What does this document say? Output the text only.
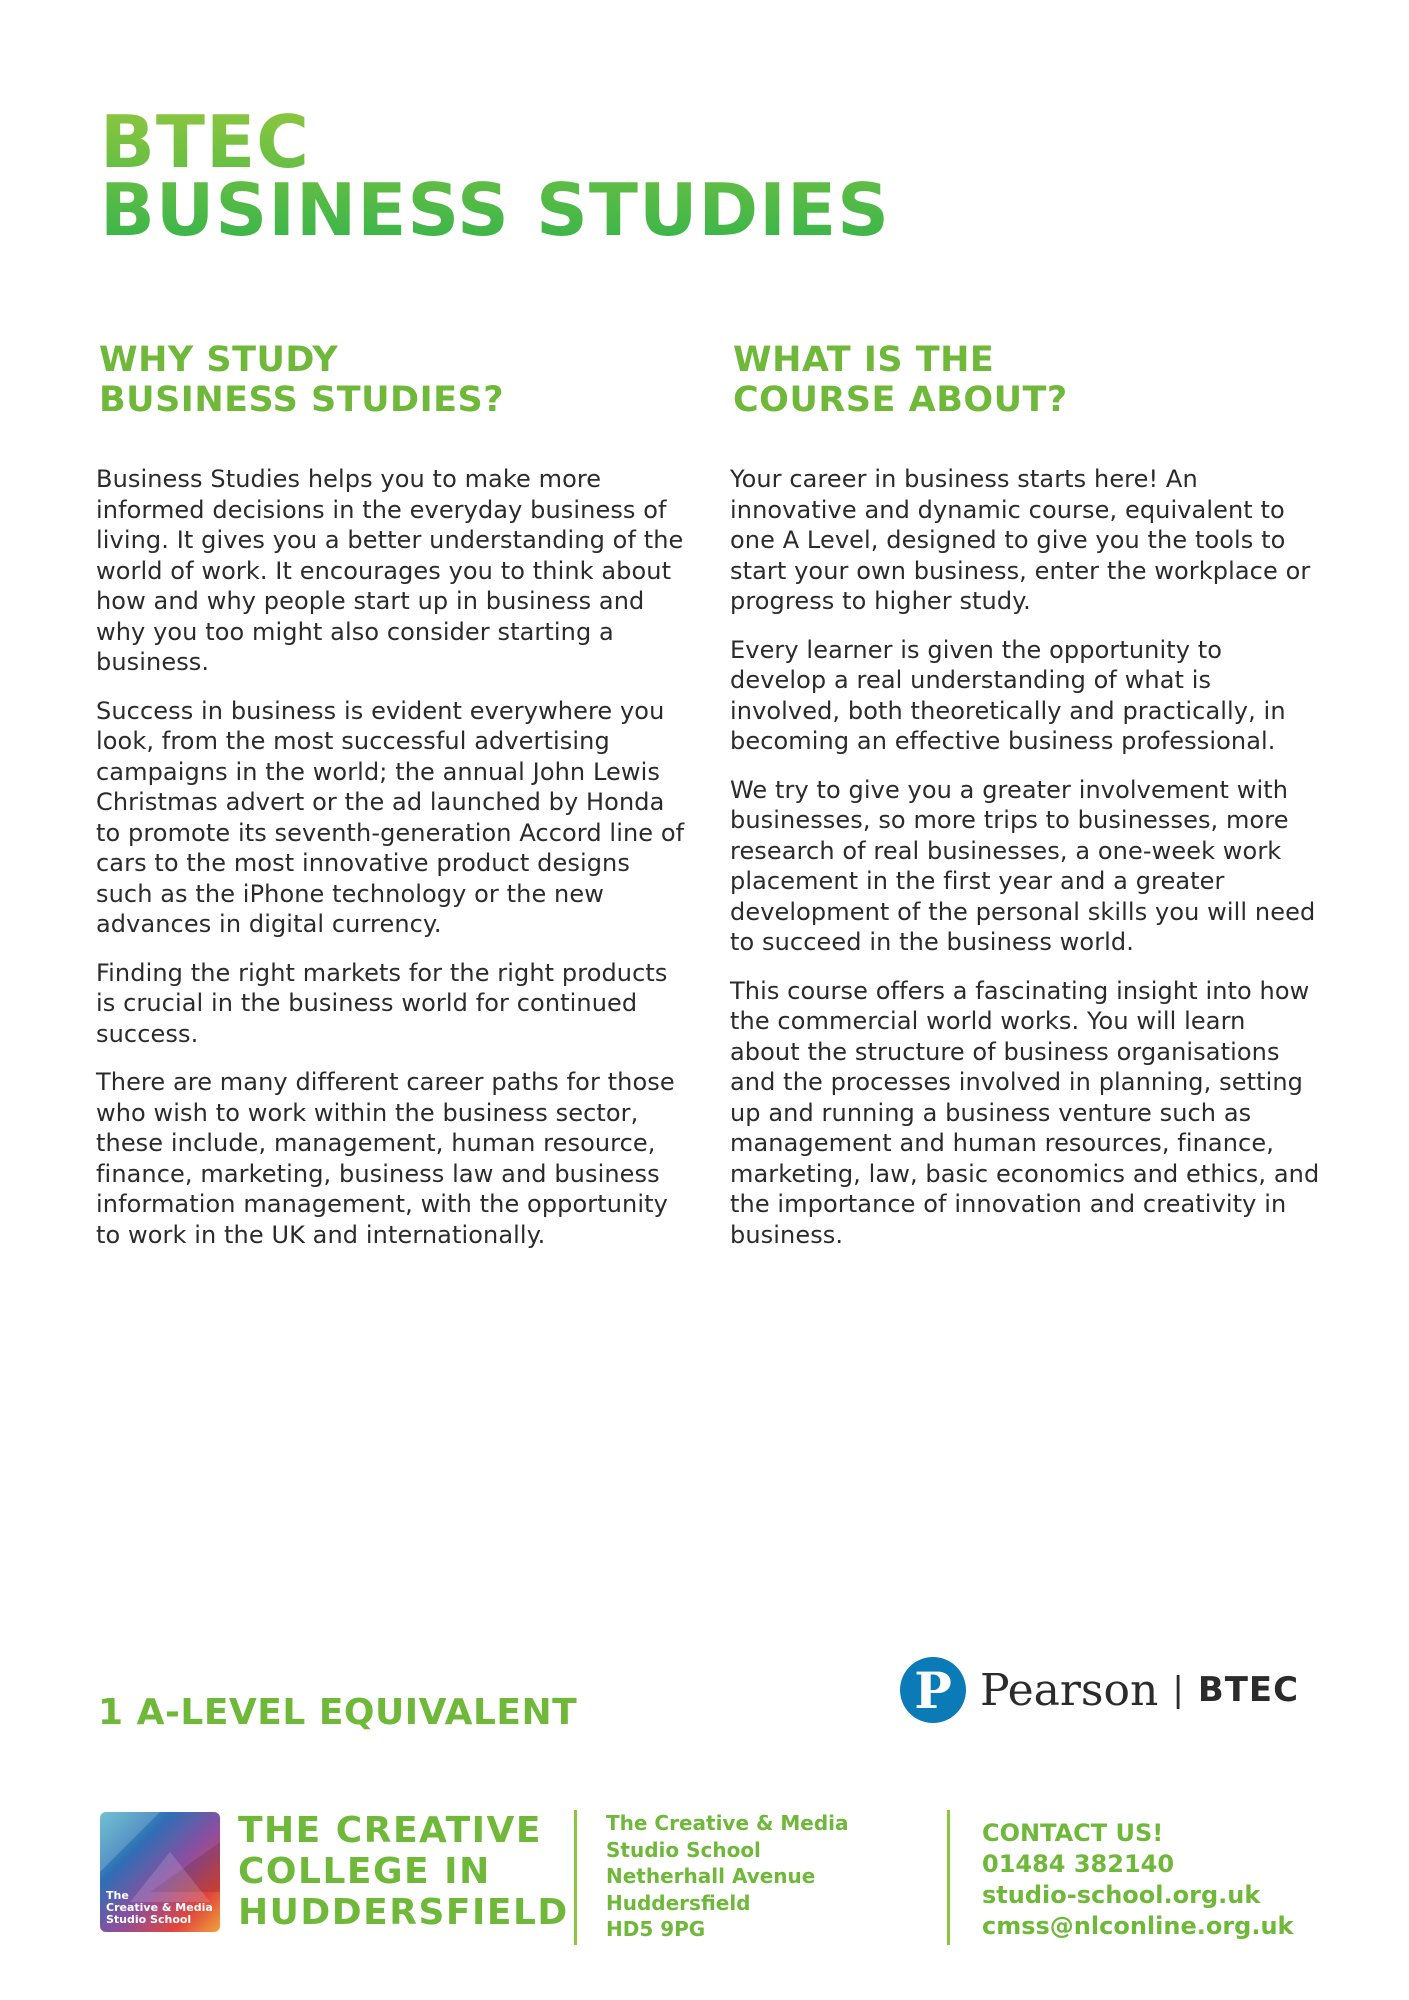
BTEC
BUSINESS STUDIES
WHY STUDY
BUSINESS STUDIES?

Business Studies helps you to make more informed decisions in the everyday business of living. It gives you a better understanding of the world of work. It encourages you to think about how and why people start up in business and why you too might also consider starting a business.

Success in business is evident everywhere you look, from the most successful advertising campaigns in the world; the annual John Lewis Christmas advert or the ad launched by Honda to promote its seventh-generation Accord line of cars to the most innovative product designs such as the iPhone technology or the new advances in digital currency.

Finding the right markets for the right products is crucial in the business world for continued success.

There are many different career paths for those who wish to work within the business sector, these include, management, human resource, finance, marketing, business law and business information management, with the opportunity to work in the UK and internationally.

WHAT IS THE
COURSE ABOUT?

Your career in business starts here! An innovative and dynamic course, equivalent to one A Level, designed to give you the tools to start your own business, enter the workplace or progress to higher study.

Every learner is given the opportunity to develop a real understanding of what is involved, both theoretically and practically, in becoming an effective business professional.

We try to give you a greater involvement with businesses, so more trips to businesses, more research of real businesses, a one-week work placement in the first year and a greater development of the personal skills you will need to succeed in the business world.

This course offers a fascinating insight into how the commercial world works. You will learn about the structure of business organisations and the processes involved in planning, setting up and running a business venture such as management and human resources, finance, marketing, law, basic economics and ethics, and the importance of innovation and creativity in business.

1 A-LEVEL EQUIVALENT	P Pearson | BTEC
The
Creative & Media
Studio School
THE CREATIVE
COLLEGE IN
HUDDERSFIELD
The Creative & Media
Studio School
Netherhall Avenue
Huddersfield
HD5 9PG
CONTACT US!
01484 382140
studio-school.org.uk
cmss@nlconline.org.uk
